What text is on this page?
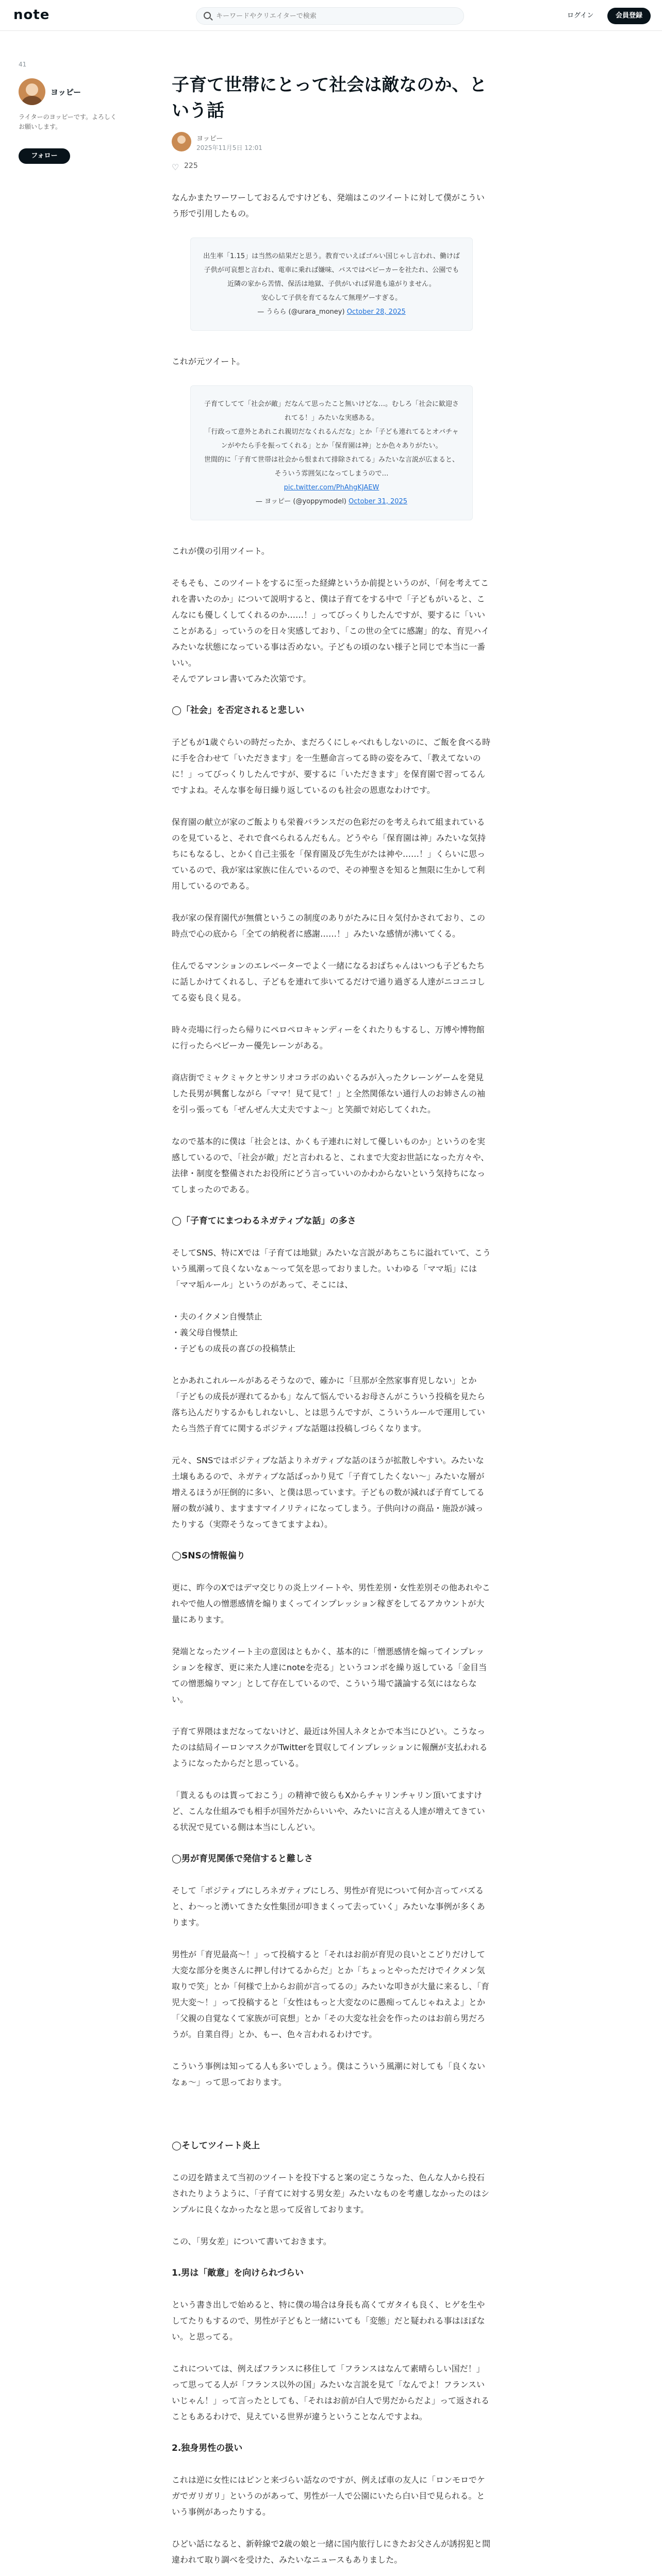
note
キーワードやクリエイターで検索	ログイン	会員登録
41
ヨッピー
ライターのヨッピーです。よろしくお願いします。
フォロー
子育て世帯にとって社会は敵なのか、という話
ヨッピー
2025年11月5日 12:01
♡ 225

なんかまたワーワーしておるんですけども、発端はこのツイートに対して僕がこういう形で引用したもの。

出生率「1.15」は当然の結果だと思う。教育でいえばゴルい国じゃし言われ、働けば子供が可哀想と言われ、電車に乗れば嫌味、バスではベビーカーを社たれ、公園でも近隣の家から苦情、保活は地獄、子供がいれば昇進も遠がりません。
安心して子供を育てるなんて無理ゲーすぎる。
— うらら (@urara_money) October 28, 2025

これが元ツイート。

子育てしてて「社会が敵」だなんて思ったこと無いけどな…。むしろ「社会に歓迎されてる！」みたいな実感ある。
「行政って意外とあれこれ親切だなくれるんだな」とか「子ども連れてるとオバチャンがやたら手を振ってくれる」とか「保育園は神」とか色々ありがたい。
世間的に「子育て世帯は社会から恨まれて排除されてる」みたいな言説が広まると、そういう雰囲気になってしまうので…
pic.twitter.com/PhAhgKJAEW
— ヨッピー (@yoppymodel) October 31, 2025

これが僕の引用ツイート。

そもそも、このツイートをするに至った経緯というか前提というのが、「何を考えてこれを書いたのか」について説明すると、僕は子育てをする中で「子どもがいると、こんなにも優しくしてくれるのか……！」ってびっくりしたんですが、要するに「いいことがある」っていうのを日々実感しており、「この世の全てに感謝」的な、育児ハイみたいな状態になっている事は否めない。子どもの頃のない様子と同じで本当に一番いい。
そんでアレコレ書いてみた次第です。

◯「社会」を否定されると悲しい

子どもが1歳ぐらいの時だったか、まだろくにしゃべれもしないのに、ご飯を食べる時に手を合わせて「いただきます」を一生懸命言ってる時の姿をみて、「教えてないのに！」ってびっくりしたんですが、要するに「いただきます」を保育園で習ってるんですよね。そんな事を毎日繰り返しているのも社会の恩恵なわけです。

保育園の献立が家のご飯よりも栄養バランスだの色彩だのを考えられて組まれているのを見ていると、それで食べられるんだもん。どうやら「保育園は神」みたいな気持ちにもなるし、とかく自己主張を「保育園及び先生がたは神や……！」くらいに思っているので、我が家は家族に住んでいるので、その神聖さを知ると無限に生かして利用しているのである。

我が家の保育園代が無償というこの制度のありがたみに日々気付かされており、この時点で心の底から「全ての納税者に感謝……！」みたいな感情が沸いてくる。

住んでるマンションのエレベーターでよく一緒になるおばちゃんはいつも子どもたちに話しかけてくれるし、子どもを連れて歩いてるだけで通り過ぎる人達がニコニコしてる姿も良く見る。

時々売場に行ったら帰りにペロペロキャンディーをくれたりもするし、万博や博物館に行ったらベビーカー優先レーンがある。

商店街でミャクミャクとサンリオコラボのぬいぐるみが入ったクレーンゲームを発見した長男が興奮しながら「ママ！見て見て！」と全然関係ない通行人のお姉さんの袖を引っ張っても「ぜんぜん大丈夫ですよ〜」と笑顔で対応してくれた。

なので基本的に僕は「社会とは、かくも子連れに対して優しいものか」というのを実感しているので、「社会が敵」だと言われると、これまで大変お世話になった方々や、法律・制度を整備されたお役所にどう言っていいのかわからないという気持ちになってしまったのである。

◯「子育てにまつわるネガティブな話」の多さ

そしてSNS、特にXでは「子育ては地獄」みたいな言説があちこちに溢れていて、こういう風潮って良くないなぁ〜って気を思っておりました。いわゆる「ママ垢」には「ママ垢ルール」というのがあって、そこには、

・ 夫のイクメン自慢禁止
・ 義父母自慢禁止
・ 子どもの成長の喜びの投稿禁止

とかあれこれルールがあるそうなので、確かに「旦那が全然家事育児しない」とか「子どもの成長が遅れてるかも」なんて悩んでいるお母さんがこういう投稿を見たら落ち込んだりするかもしれないし、とは思うんですが、こういうルールで運用していたら当然子育てに関するポジティブな話題は投稿しづらくなります。

元々、SNSではポジティブな話よりネガティブな話のほうが拡散しやすい。みたいな土壌もあるので、ネガティブな話ばっかり見て「子育てしたくない〜」みたいな層が増えるほうが圧倒的に多い、と僕は思っています。子どもの数が減れば子育てしてる層の数が減り、ますますマイノリティになってしまう。子供向けの商品・施設が減ったりする（実際そうなってきてますよね）。

◯SNSの情報偏り

更に、昨今のXではデマ交じりの炎上ツイートや、男性差別・女性差別その他あれやこれやで他人の憎悪感情を煽りまくってインプレッション稼ぎをしてるアカウントが大量にあります。

発端となったツイート主の意図はともかく、基本的に「憎悪感情を煽ってインプレッションを稼ぎ、更に来た人達にnoteを売る」というコンボを繰り返している「金目当ての憎悪煽りマン」として存在しているので、こういう場で議論する気にはならない。

子育て界隈はまだなってないけど、最近は外国人ネタとかで本当にひどい。こうなったのは結局イーロンマスクがTwitterを買収してインプレッションに報酬が支払われるようになったからだと思っている。

「貰えるものは貰っておこう」の精神で彼らもXからチャリンチャリン頂いてますけど、こんな仕組みでも相手が国外だからいいや、みたいに言える人達が増えてきている状況で見ている側は本当にしんどい。

◯男が育児関係で発信すると難しさ

そして「ポジティブにしろネガティブにしろ、男性が育児について何か言ってバズると、わ〜っと湧いてきた女性集団が叩きまくって去っていく」みたいな事例が多くあります。

男性が「育児最高〜！」って投稿すると「それはお前が育児の良いとこどりだけして大変な部分を奥さんに押し付けてるからだ」とか「ちょっとやっただけでイクメン気取りで笑」とか「何様で上からお前が言ってるの」みたいな叩きが大量に来るし、「育児大変〜！」って投稿すると「女性はもっと大変なのに愚痴ってんじゃねえよ」とか「父親の自覚なくて家族が可哀想」とか「その大変な社会を作ったのはお前ら男だろうが。自業自得」とか、もー、色々言われるわけです。

こういう事例は知ってる人も多いでしょう。僕はこういう風潮に対しても「良くないなぁ〜」って思っております。

◯そしてツイート炎上

この辺を踏まえて当初のツイートを投下すると案の定こうなった、色んな人から投石されたりようように、「子育てに対する男女差」みたいなものを考慮しなかったのはシンプルに良くなかったなと思って反省しております。

この、「男女差」について書いておきます。

1.男は「敵意」を向けられづらい

という書き出しで始めると、特に僕の場合は身長も高くてガタイも良く、ヒゲを生やしてたりもするので、男性が子どもと一緒にいても「変態」だと疑われる事はほぼない。と思ってる。

これについては、例えばフランスに移住して「フランスはなんて素晴らしい国だ！」って思ってる人が「フランス以外の国」みたいな言説を見て「なんでよ！フランスいいじゃん！」って言ったとしても、「それはお前が白人で男だからだよ」って返されることもあるわけで、見えている世界が違うということなんですよね。

2.独身男性の扱い

これは逆に女性にはピンと来づらい話なのですが、例えば車の友人に「ロンモロでケガでガリガリ」というのがあって、男性が一人で公園にいたら白い目で見られる。という事例があったりする。

ひどい話になると、新幹線で2歳の娘と一緒に国内旅行しにきたお父さんが誘拐犯と間違われて取り調べを受けた、みたいなニュースもありました。
